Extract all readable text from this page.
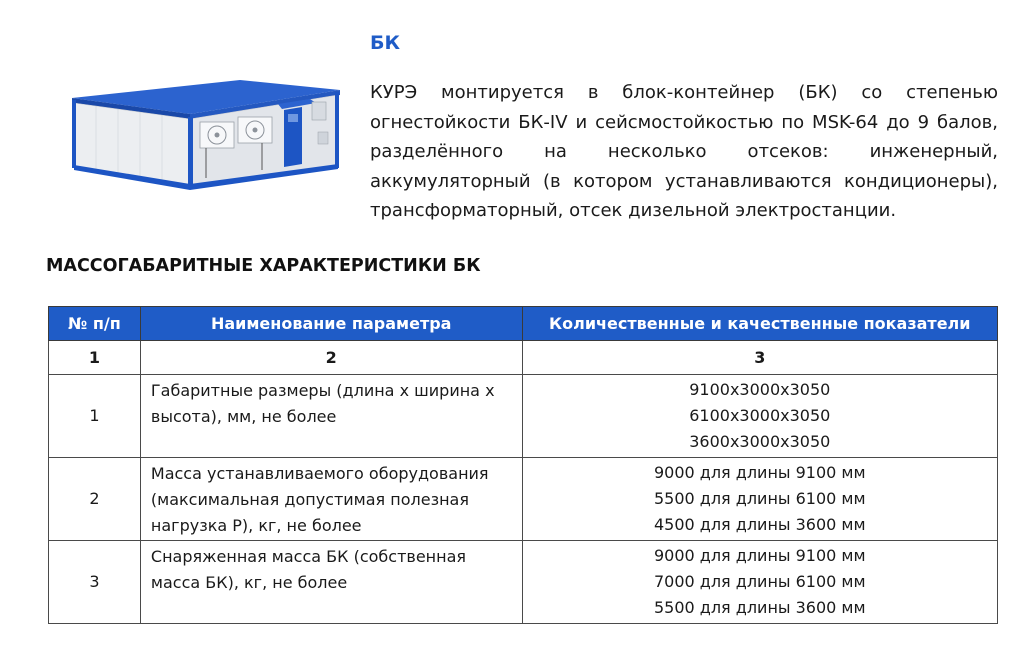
БК

КУРЭ монтируется в блок-контейнер (БК) со степенью огнестойкости БК-IV и сейсмостойкостью по MSK-64 до 9 балов, разделённого на несколько отсеков: инженерный, аккумуляторный (в котором устанавливаются кондиционеры), трансформаторный, отсек дизельной электростанции.

МАССОГАБАРИТНЫЕ ХАРАКТЕРИСТИКИ БК
№ п/п	Наименование параметра	Количественные и качественные показатели
1	2	3
1	Габаритные размеры (длина х ширина х высота), мм, не более	9100х3000х3050
6100х3000х3050
3600х3000х3050

2	Масса устанавливаемого оборудования (максимальная допустимая полезная нагрузка Р), кг, не более	9000 для длины 9100 мм
5500 для длины 6100 мм
4500 для длины 3600 мм

3	Снаряженная масса БК (собственная масса БК), кг, не более	9000 для длины 9100 мм
7000 для длины 6100 мм
5500 для длины 3600 мм
